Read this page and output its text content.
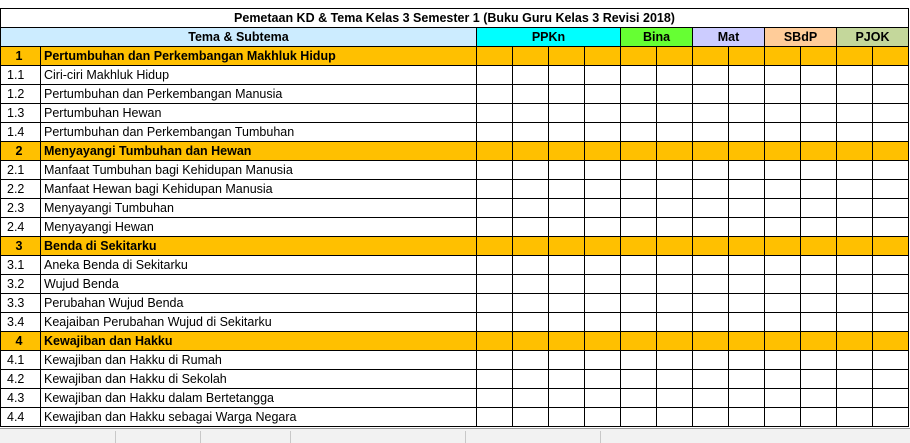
Pemetaan KD & Tema Kelas 3 Semester 1 (Buku Guru Kelas 3 Revisi 2018)													
Tema & Subtema		PPKn				Bina		Mat		SBdP		PJOK	
1	Pertumbuhan dan Perkembangan Makhluk Hidup												
1.1	Ciri-ciri Makhluk Hidup												
1.2	Pertumbuhan dan Perkembangan Manusia												
1.3	Pertumbuhan Hewan												
1.4	Pertumbuhan dan Perkembangan Tumbuhan												
2	Menyayangi Tumbuhan dan Hewan												
2.1	Manfaat Tumbuhan bagi Kehidupan Manusia												
2.2	Manfaat Hewan bagi Kehidupan Manusia												
2.3	Menyayangi Tumbuhan												
2.4	Menyayangi Hewan												
3	Benda di Sekitarku												
3.1	Aneka Benda di Sekitarku												
3.2	Wujud Benda												
3.3	Perubahan Wujud Benda												
3.4	Keajaiban Perubahan Wujud di Sekitarku												
4	Kewajiban dan Hakku												
4.1	Kewajiban dan Hakku di Rumah												
4.2	Kewajiban dan Hakku di Sekolah												
4.3	Kewajiban dan Hakku dalam Bertetangga												
4.4	Kewajiban dan Hakku sebagai Warga Negara												
